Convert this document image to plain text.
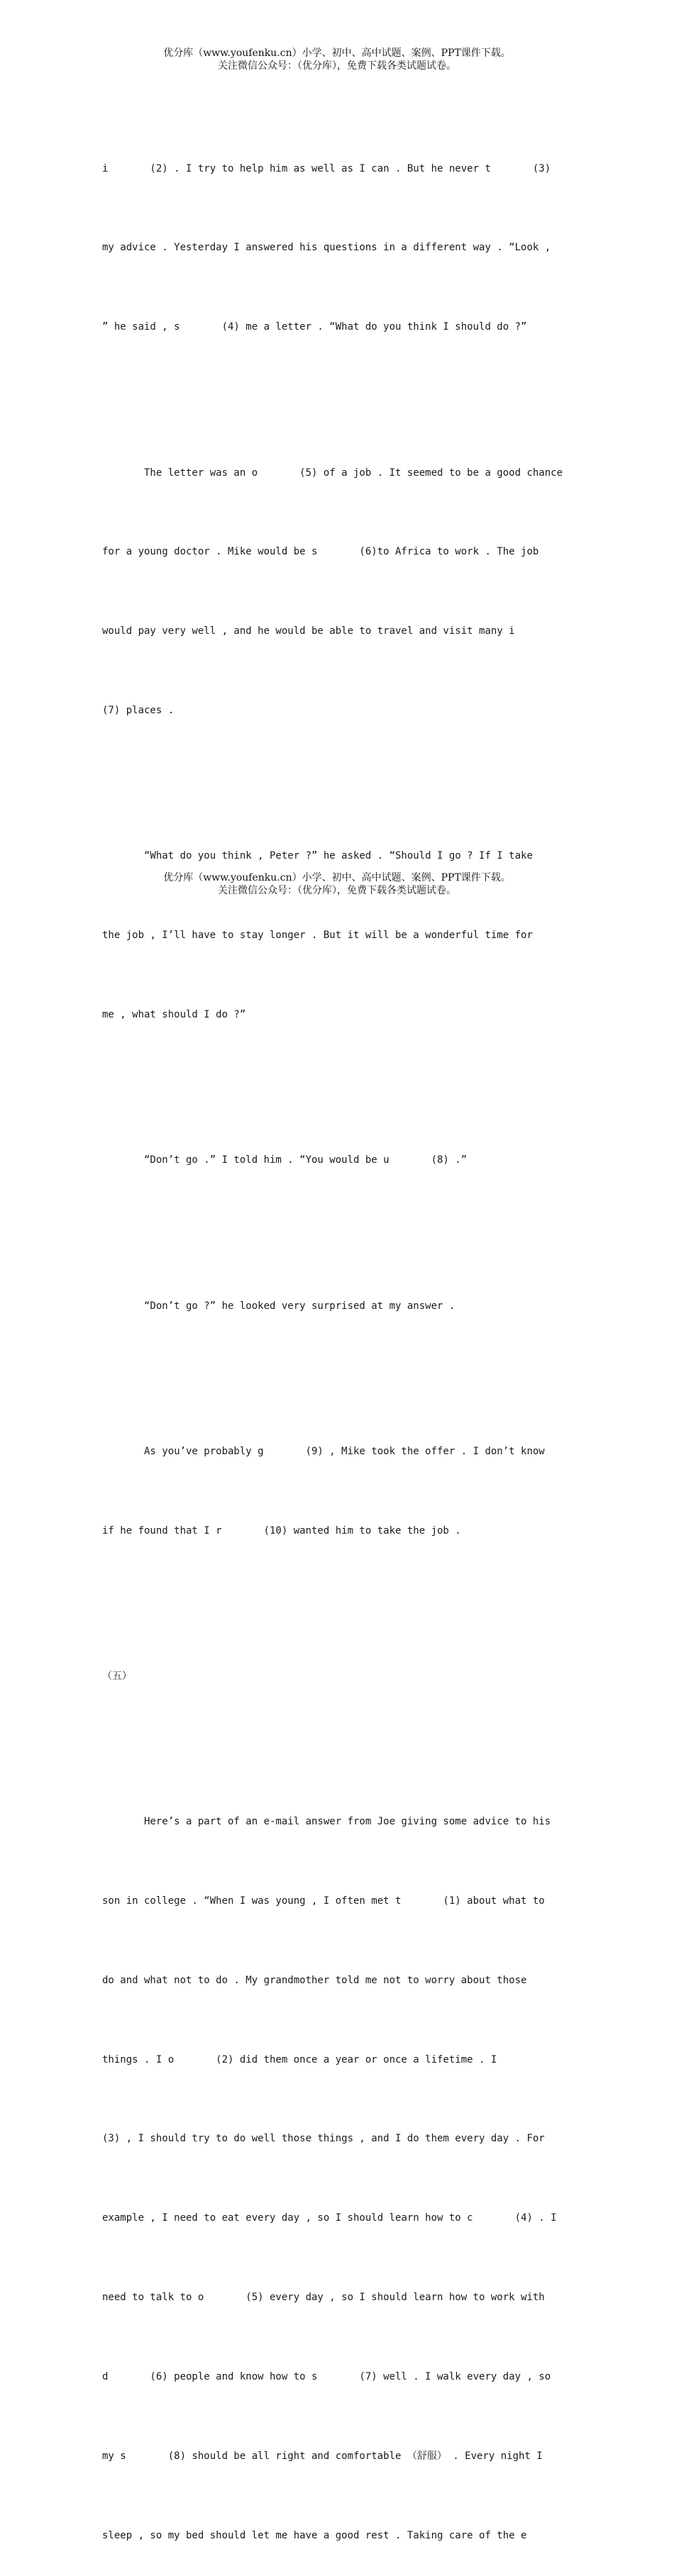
优分库（www.youfenku.cn）小学、初中、高中试题、案例、PPT课件下载。
关注微信公众号：（优分库），免费下载各类试题试卷。

i       (2) . I try to help him as well as I can . But he never t       (3)

my advice . Yesterday I answered his questions in a different way . “Look ,

” he said , s       (4) me a letter . “What do you think I should do ?”

The letter was an o       (5) of a job . It seemed to be a good chance

for a young doctor . Mike would be s       (6)to Africa to work . The job

would pay very well , and he would be able to travel and visit many i

(7) places .

“What do you think , Peter ?” he asked . “Should I go ? If I take

the job , I’ll have to stay longer . But it will be a wonderful time for

me , what should I do ?”

“Don’t go .” I told him . “You would be u       (8) .”

“Don’t go ?” he looked very surprised at my answer .

As you’ve probably g       (9) , Mike took the offer . I don’t know

if he found that I r       (10) wanted him to take the job .

（五）

Here’s a part of an e-mail answer from Joe giving some advice to his

son in college . “When I was young , I often met t       (1) about what to

do and what not to do . My grandmother told me not to worry about those

things . I o       (2) did them once a year or once a lifetime . I

(3) , I should try to do well those things , and I do them every day . For

example , I need to eat every day , so I should learn how to c       (4) . I

need to talk to o       (5) every day , so I should learn how to work with

d       (6) people and know how to s       (7) well . I walk every day , so

my s       (8) should be all right and comfortable （舒服） . Every night I

sleep , so my bed should let me have a good rest . Taking care of the e

优分库（www.youfenku.cn）小学、初中、高中试题、案例、PPT课件下载。
关注微信公众号：（优分库），免费下载各类试题试卷。
